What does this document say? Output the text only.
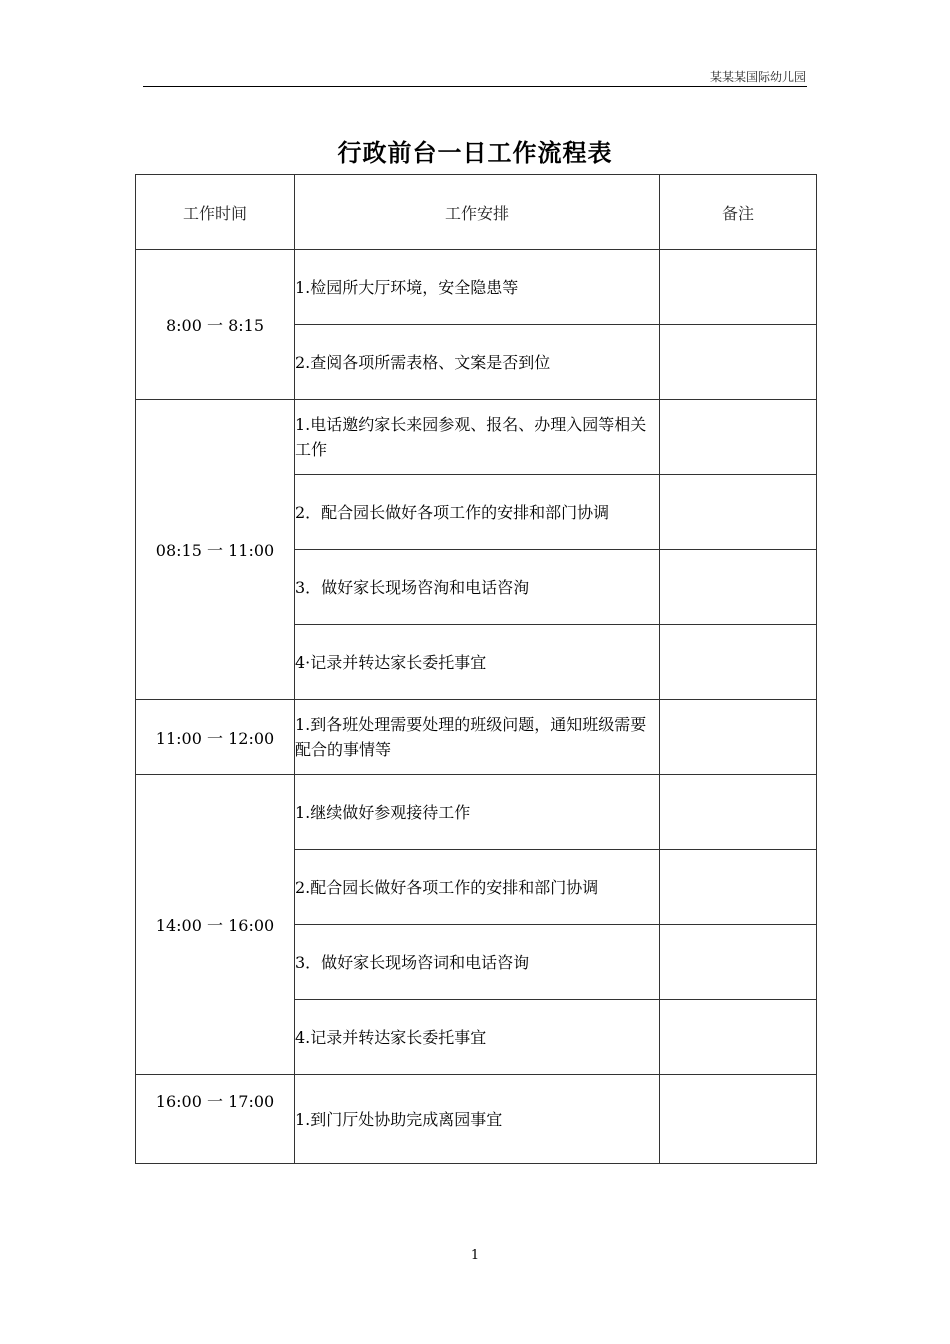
某某某国际幼儿园
行政前台一日工作流程表
工作时间	工作安排	备注
8:00 一 8:15	1.检园所大厅环境，安全隐患等	
	2.查阅各项所需表格、文案是否到位	
08:15 一 11:00	1.电话邀约家长来园参观、报名、办理入园等相关工作	
	2．配合园长做好各项工作的安排和部门协调	
	3．做好家长现场咨洵和电话咨洵	
	4·记录并转达家长委托事宜	
11:00 一 12:00	1.到各班处理需要处理的班级问题，通知班级需要配合的事情等	
14:00 一 16:00	1.继续做好参观接待工作	
	2.配合园长做好各项工作的安排和部门协调	
	3．做好家长现场咨词和电话咨询	
	4.记录并转达家长委托事宜	
16:00 一 17:00	1.到门厅处协助完成离园事宜	
1
